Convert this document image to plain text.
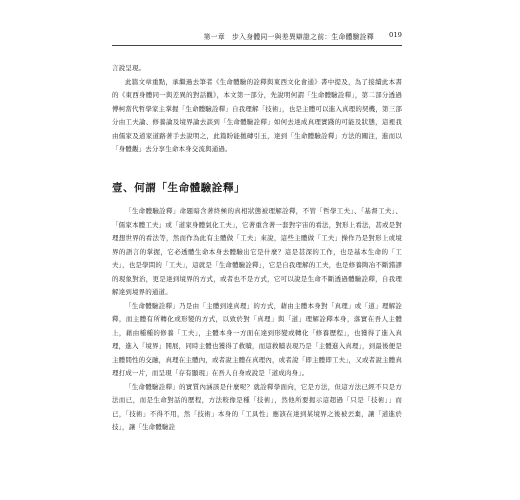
第一章　步入身體同一與差異辯證之前：生命體驗詮釋 019

言說呈現。

此篇文章重點，承繼過去筆者《生命體驗的詮釋與東西文化會通》書中提及，為了接續此本書的《東西身體同一與差異的對話觀》，本文第一部分，先說明何謂「生命體驗詮釋」，第二部分透過傅柯當代哲學家主掌握「生命體驗詮釋」自我理解「技術」，也是主體可以進入真理的契機，第三部分由工夫論、修養論及境界論去談到「生命體驗詮釋」如何去達成真理實踐的可能及狀態，這裡我由儒家及道家道路著手去說明之，此篇盼能拋磚引玉，達到「生命體驗詮釋」方法的關注，進而以「身體觀」去分享生命本身交流與通過。

壹、何謂「生命體驗詮釋」

「生命體驗詮釋」命題暗含著終極的真相狀態被理解詮釋，不管「哲學工夫」、「基督工夫」、「儒家本體工夫」或「道家身體氣化工夫」，它著重含著一套對宇宙的看法，對形上看法，甚或是對理想世界的看法等，然而作為此有主體做「工夫」來說，這些主體做「工夫」操作乃是對形上或境界的語言的掌握，它必透體生命本身去體驗出它是什麼？這是甚深的工作，也是基本生命的「工夫」，也是學問的「工夫」，這就是「生命體驗詮釋」，它是自我理解的工夫，也是修養陶冶不斷錯謬的現象對治，更是達到境界的方式，或者也不是方式，它可以說是生命不斷透過體驗詮釋，自我理解達到境界的通道。

「生命體驗詮釋」乃是由「主體到達真理」的方式，藉由主體本身對「真理」或「道」理解詮釋，而主體有所轉化或形變的方式，以致於對「真理」與「道」理解詮釋本身，落實在吾人主體上，藉由種種的修養「工夫」，主體本身一方面在達到形變或轉化「修養歷程」，也獲得了進入真理，進入「境界」開展，同時主體也獲得了救贖，而這救贖表現乃是「主體進入真理」，到最後便是主體間性的交融，真理在主體內，或者說主體在真理內，或者說「即主體即工夫」，又或者說主體真理打成一片，而呈現「存有顯現」在吾人自身或說是「道成肉身」。

「生命體驗詮釋」的實質內涵該是什麼呢？就詮釋學面向，它是方法，但這方法已經不只是方法而已，而是生命對話的歷程，方法較像是種「技術」，然他所要揭示這超過「只是「技術」」而已，「技術」不得不用，然「技術」本身的「工具性」應該在達到某境界之後被丟棄，讓「道進於技」，讓「生命體驗詮
